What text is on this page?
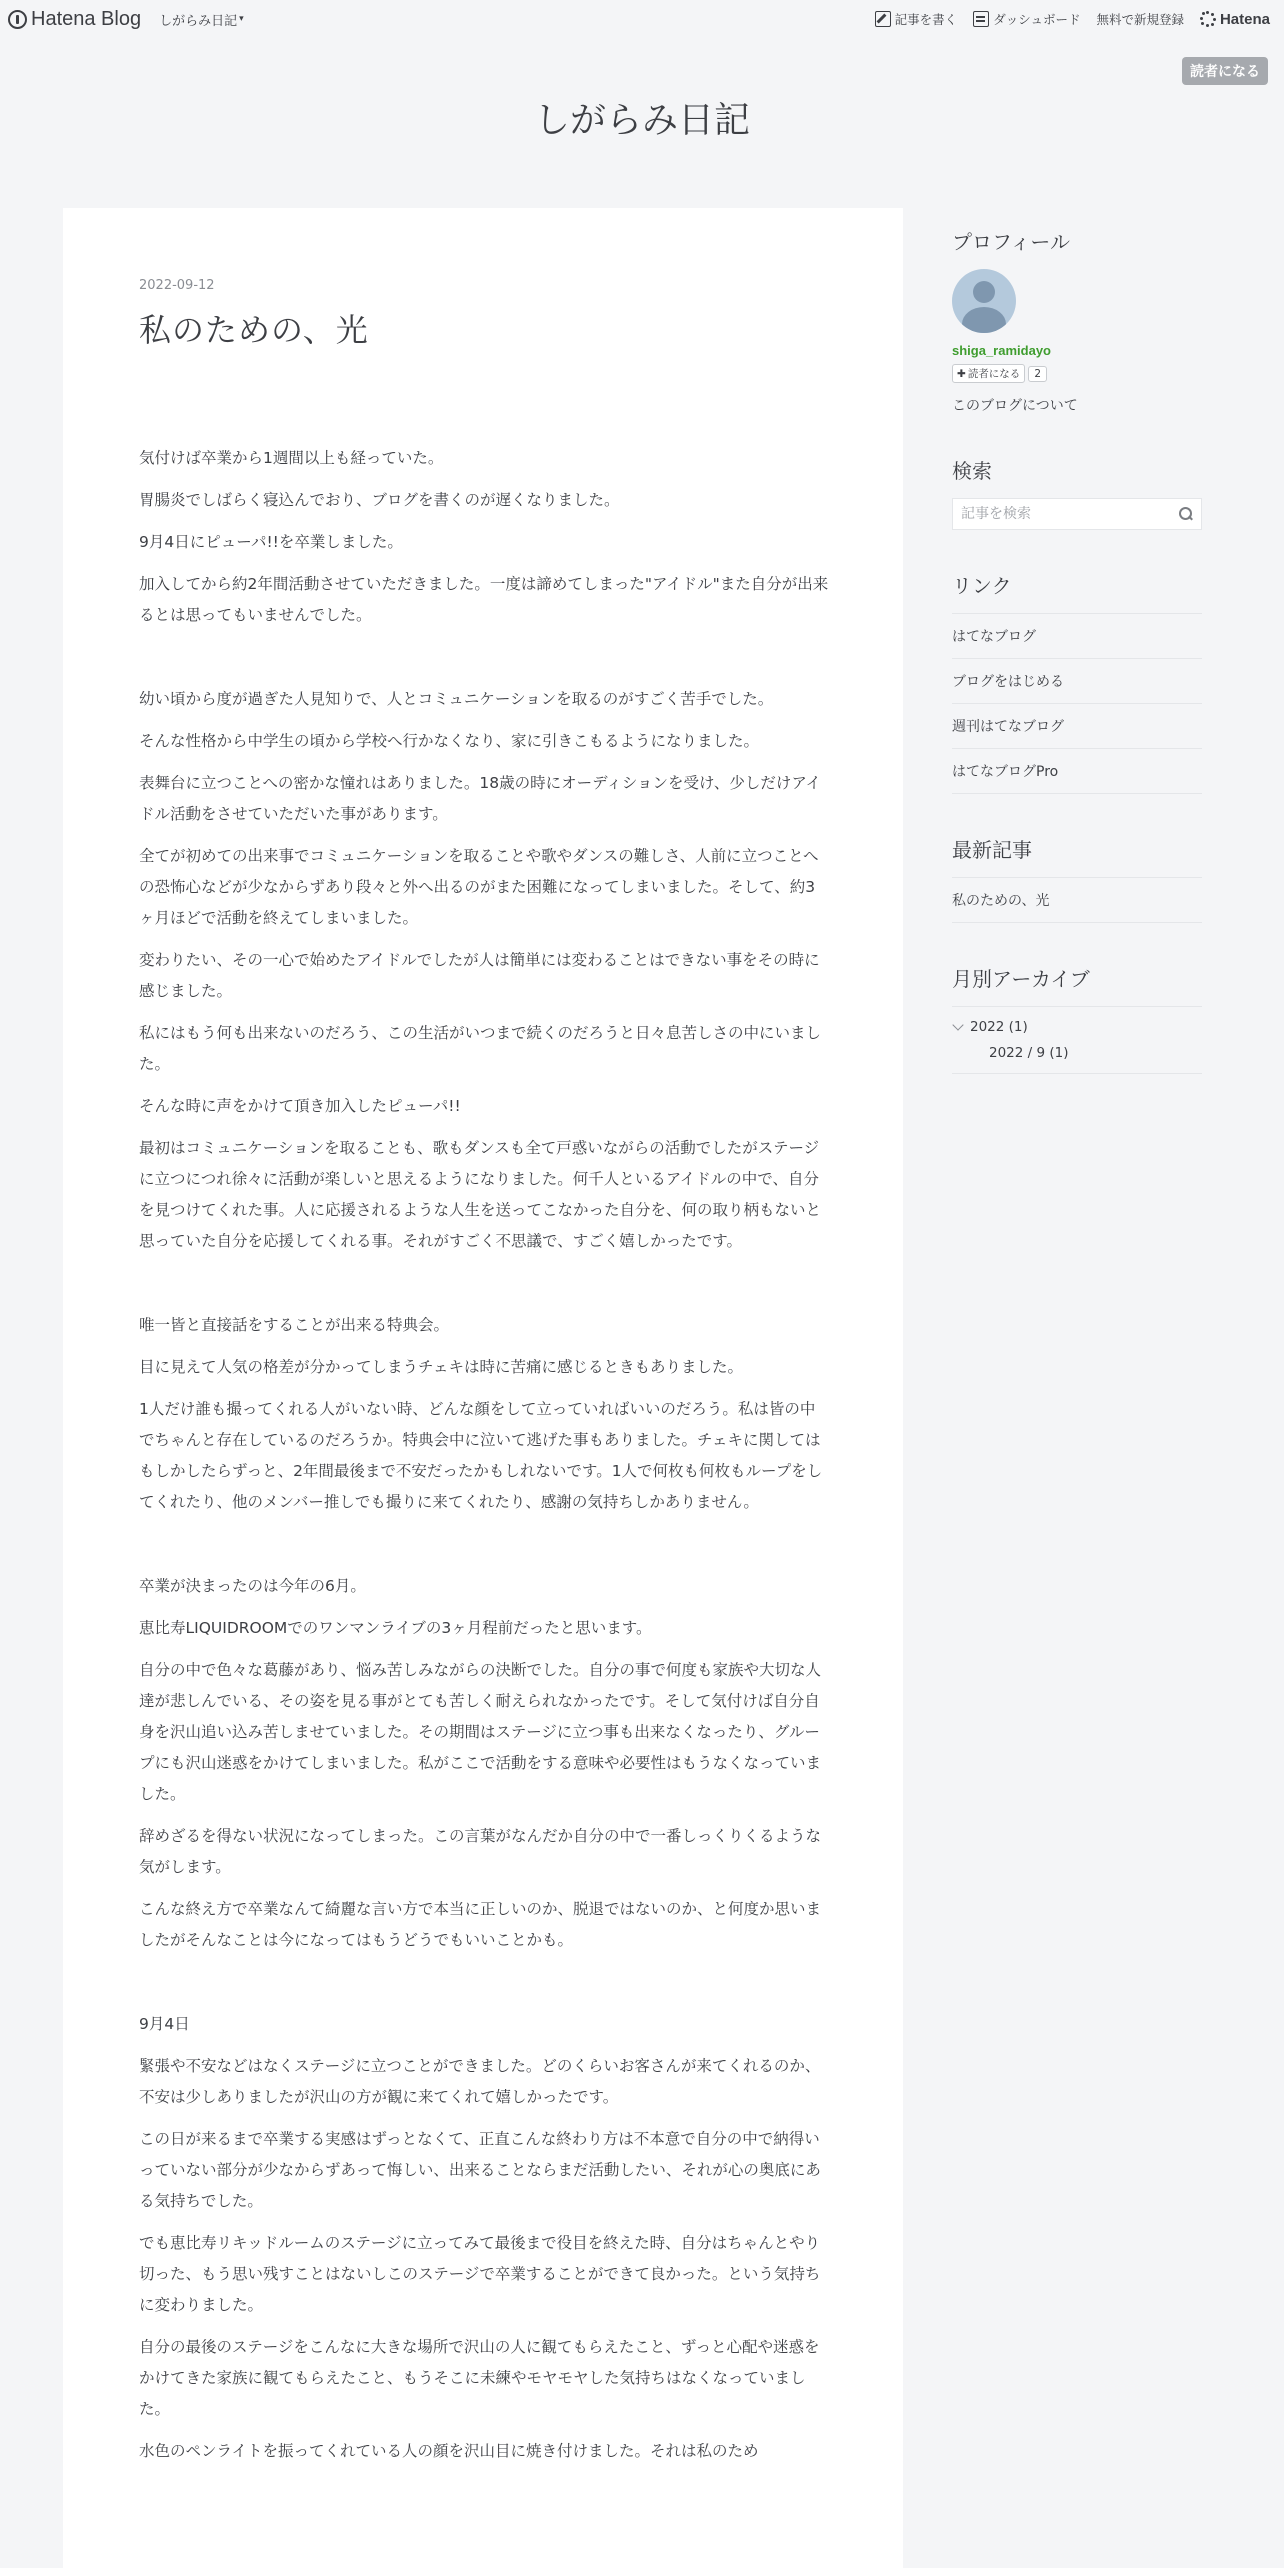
Hatena Blog しがらみ日記 ▾	記事を書く	ダッシュボード 無料で新規登録 Hatena
読者になる
しがらみ日記
2022-09-12
私のための、光

気付けば卒業から1週間以上も経っていた。

胃腸炎でしばらく寝込んでおり、ブログを書くのが遅くなりました。

9月4日にピューパ!!を卒業しました。

加入してから約2年間活動させていただきました。一度は諦めてしまった"アイドル"また自分が出来るとは思ってもいませんでした。

幼い頃から度が過ぎた人見知りで、人とコミュニケーションを取るのがすごく苦手でした。

そんな性格から中学生の頃から学校へ行かなくなり、家に引きこもるようになりました。

表舞台に立つことへの密かな憧れはありました。18歳の時にオーディションを受け、少しだけアイドル活動をさせていただいた事があります。

全てが初めての出来事でコミュニケーションを取ることや歌やダンスの難しさ、人前に立つことへの恐怖心などが少なからずあり段々と外へ出るのがまた困難になってしまいました。そして、約3ヶ月ほどで活動を終えてしまいました。

変わりたい、その一心で始めたアイドルでしたが人は簡単には変わることはできない事をその時に感じました。

私にはもう何も出来ないのだろう、この生活がいつまで続くのだろうと日々息苦しさの中にいました。

そんな時に声をかけて頂き加入したピューパ!!

最初はコミュニケーションを取ることも、歌もダンスも全て戸惑いながらの活動でしたがステージに立つにつれ徐々に活動が楽しいと思えるようになりました。何千人といるアイドルの中で、自分を見つけてくれた事。人に応援されるような人生を送ってこなかった自分を、何の取り柄もないと思っていた自分を応援してくれる事。それがすごく不思議で、すごく嬉しかったです。

唯一皆と直接話をすることが出来る特典会。

目に見えて人気の格差が分かってしまうチェキは時に苦痛に感じるときもありました。

1人だけ誰も撮ってくれる人がいない時、どんな顔をして立っていればいいのだろう。私は皆の中でちゃんと存在しているのだろうか。特典会中に泣いて逃げた事もありました。チェキに関してはもしかしたらずっと、2年間最後まで不安だったかもしれないです。1人で何枚も何枚もループをしてくれたり、他のメンバー推しでも撮りに来てくれたり、感謝の気持ちしかありません。

卒業が決まったのは今年の6月。

恵比寿LIQUIDROOMでのワンマンライブの3ヶ月程前だったと思います。

自分の中で色々な葛藤があり、悩み苦しみながらの決断でした。自分の事で何度も家族や大切な人達が悲しんでいる、その姿を見る事がとても苦しく耐えられなかったです。そして気付けば自分自身を沢山追い込み苦しませていました。その期間はステージに立つ事も出来なくなったり、グループにも沢山迷惑をかけてしまいました。私がここで活動をする意味や必要性はもうなくなっていました。

辞めざるを得ない状況になってしまった。この言葉がなんだか自分の中で一番しっくりくるような気がします。

こんな終え方で卒業なんて綺麗な言い方で本当に正しいのか、脱退ではないのか、と何度か思いましたがそんなことは今になってはもうどうでもいいことかも。

9月4日

緊張や不安などはなくステージに立つことができました。どのくらいお客さんが来てくれるのか、不安は少しありましたが沢山の方が観に来てくれて嬉しかったです。

この日が来るまで卒業する実感はずっとなくて、正直こんな終わり方は不本意で自分の中で納得いっていない部分が少なからずあって悔しい、出来ることならまだ活動したい、それが心の奥底にある気持ちでした。

でも恵比寿リキッドルームのステージに立ってみて最後まで役目を終えた時、自分はちゃんとやり切った、もう思い残すことはないしこのステージで卒業することができて良かった。という気持ちに変わりました。

自分の最後のステージをこんなに大きな場所で沢山の人に観てもらえたこと、ずっと心配や迷惑をかけてきた家族に観てもらえたこと、もうそこに未練やモヤモヤした気持ちはなくなっていました。

水色のペンライトを振ってくれている人の顔を沢山目に焼き付けました。それは私のため

プロフィール
shiga_ramidayo
✚ 読者になる	2
このブログについて
検索
記事を検索
リンク
はてなブログ
ブログをはじめる
週刊はてなブログ
はてなブログPro
最新記事
私のための、光
月別アーカイブ
2022 (1)
2022 / 9 (1)
